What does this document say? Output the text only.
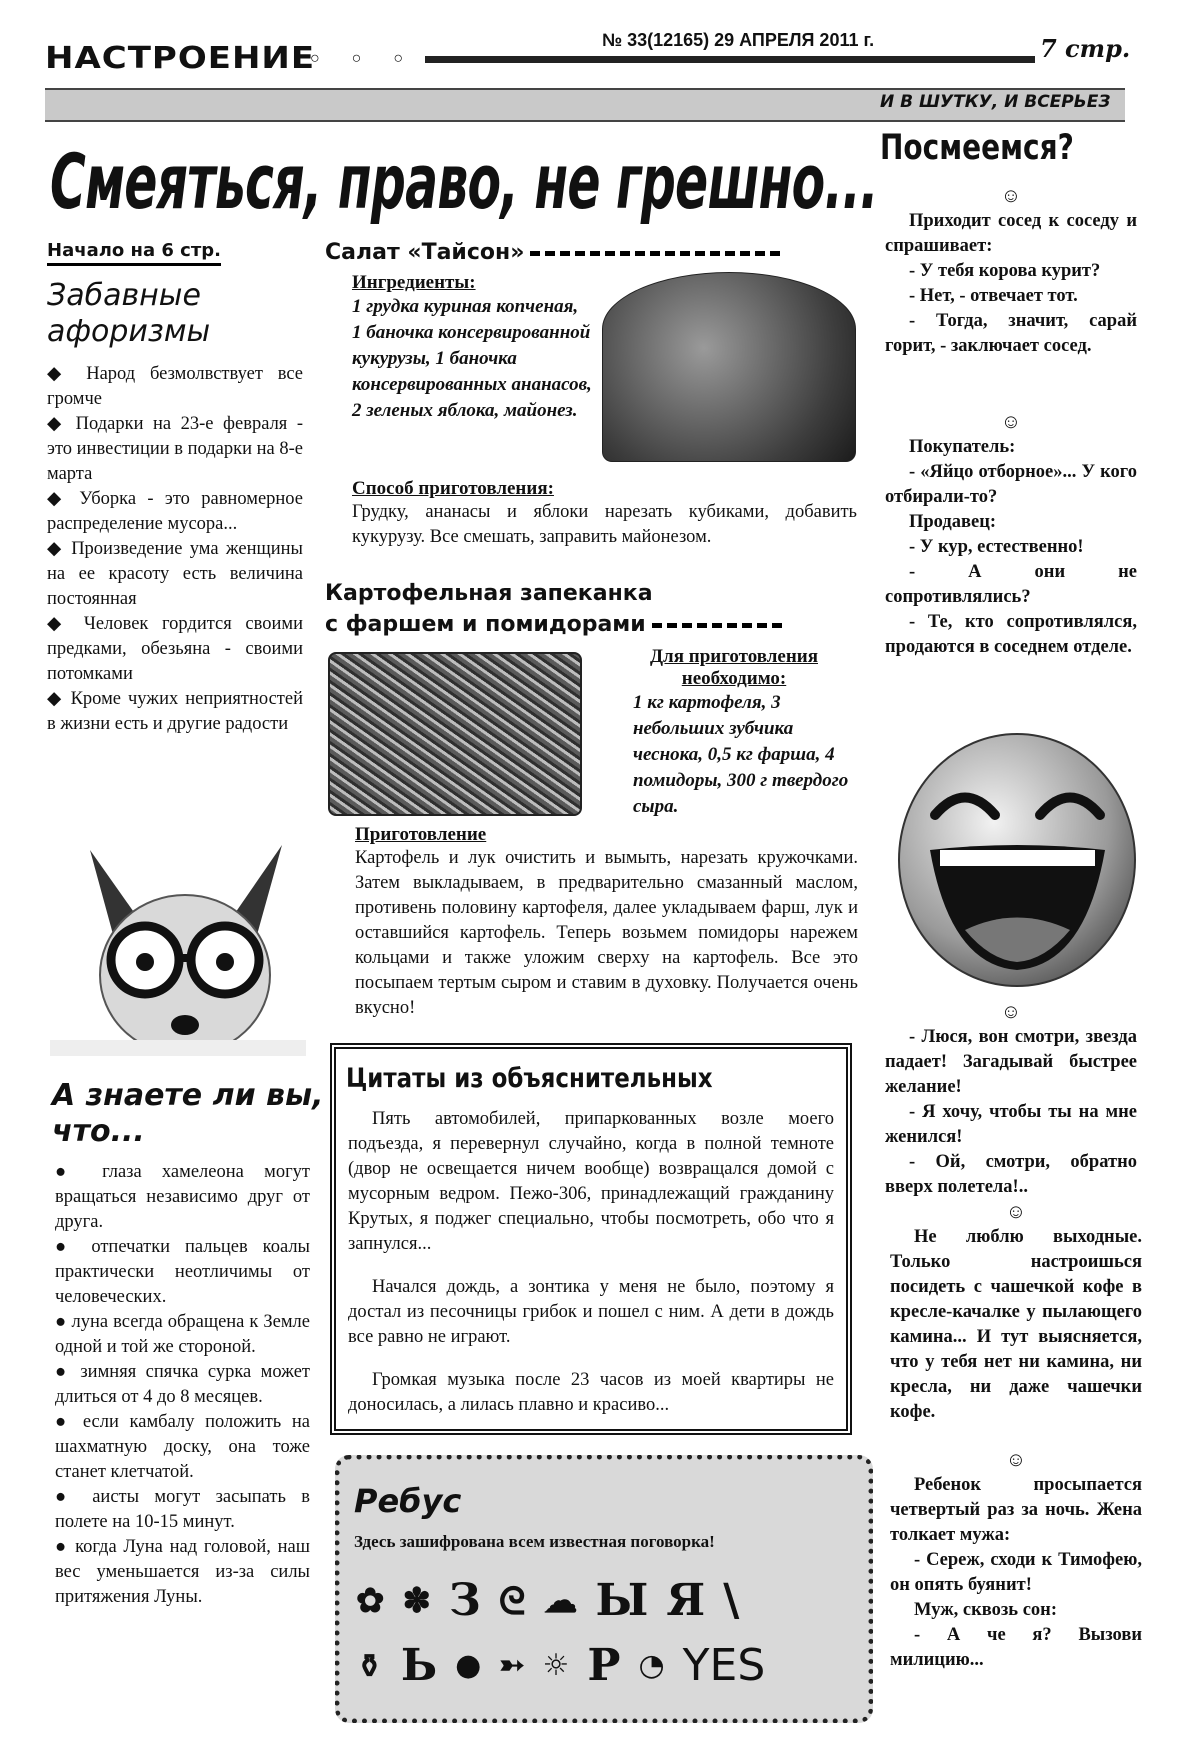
НАСТРОЕНИЕ
○ ○ ○
№ 33(12165) 29 АПРЕЛЯ 2011 г.	7 стр.
И В ШУТКУ, И ВСЕРЬЕЗ
Смеяться, право, не грешно...
Начало на 6 стр.
Забавные
афоризмы
◆ Народ безмолвствует все громче
◆ Подарки на 23-е февраля - это инвестиции в подарки на 8-е марта
◆ Уборка - это равномерное распределение мусора...
◆ Произведение ума женщины на ее красоту есть величина постоянная
◆ Человек гордится своими предками, обезьяна - своими потомками
◆ Кроме чужих неприятностей в жизни есть и другие радости
А знаете ли вы,
что...
● глаза хамелеона могут вращаться независимо друг от друга.
● отпечатки пальцев коалы практически неотличимы от человеческих.
● луна всегда обращена к Земле одной и той же стороной.
● зимняя спячка сурка может длиться от 4 до 8 месяцев.
● если камбалу положить на шахматную доску, она тоже станет клетчатой.
● аисты могут засыпать в полете на 10-15 минут.
● когда Луна над головой, наш вес уменьшается из-за силы притяжения Луны.
Салат «Тайсон»
Ингредиенты:
1 грудка куриная копченая, 1 баночка консервированной кукурузы, 1 баночка консервированных ананасов, 2 зеленых яблока, майонез.
Способ приготовления:
Грудку, ананасы и яблоки нарезать кубиками, добавить кукурузу. Все смешать, заправить майонезом.
Картофельная запеканка
с фаршем и помидорами
Для приготовления
необходимо:
1 кг картофеля, 3 небольших зубчика чеснока, 0,5 кг фарша, 4 помидоры, 300 г твердого сыра.
Приготовление
Картофель и лук очистить и вымыть, нарезать кружочками. Затем выкладываем, в предварительно смазанный маслом, противень половину картофеля, далее укладываем фарш, лук и оставшийся картофель. Теперь возьмем помидоры нарежем кольцами и также уложим сверху на картофель. Все это посыпаем тертым сыром и ставим в духовку. Получается очень вкусно!
Цитаты из объяснительных

Пять автомобилей, припаркованных возле моего подъезда, я перевернул случайно, когда в полной темноте (двор не освещается ничем вообще) возвращался домой с мусорным ведром. Пежо-306, принадлежащий гражданину Крутых, я поджег специально, чтобы посмотреть, обо что я запнулся...

Начался дождь, а зонтика у меня не было, поэтому я достал из песочницы грибок и пошел с ним. А дети в дождь все равно не играют.

Громкая музыка после 23 часов из моей квартиры не доносилась, а лилась плавно и красиво...

Ребус
Здесь зашифрована всем известная поговорка!
✿ ✽ З ᘓ ☁ Ы Я \
⚱ Ь ● ➳ ☼ Р ◔ YES
Посмеемся?
☺

Приходит сосед к соседу и спрашивает:

- У тебя корова курит?

- Нет, - отвечает тот.

- Тогда, значит, сарай горит, - заключает сосед.

☺

Покупатель:

- «Яйцо отборное»... У кого отбирали-то?

Продавец:

- У кур, естественно!

- А они не сопротивлялись?

- Те, кто сопротивлялся, продаются в соседнем отделе.

☺

- Люся, вон смотри, звезда падает! Загадывай быстрее желание!

- Я хочу, чтобы ты на мне женился!

- Ой, смотри, обратно вверх полетела!..

☺

Не люблю выходные. Только настроишься посидеть с чашечкой кофе в кресле-качалке у пылающего камина... И тут выясняется, что у тебя нет ни камина, ни кресла, ни даже чашечки кофе.

☺

Ребенок просыпается четвертый раз за ночь. Жена толкает мужа:

- Сереж, сходи к Тимофею, он опять буянит!

Муж, сквозь сон:

- А че я? Вызови милицию...
